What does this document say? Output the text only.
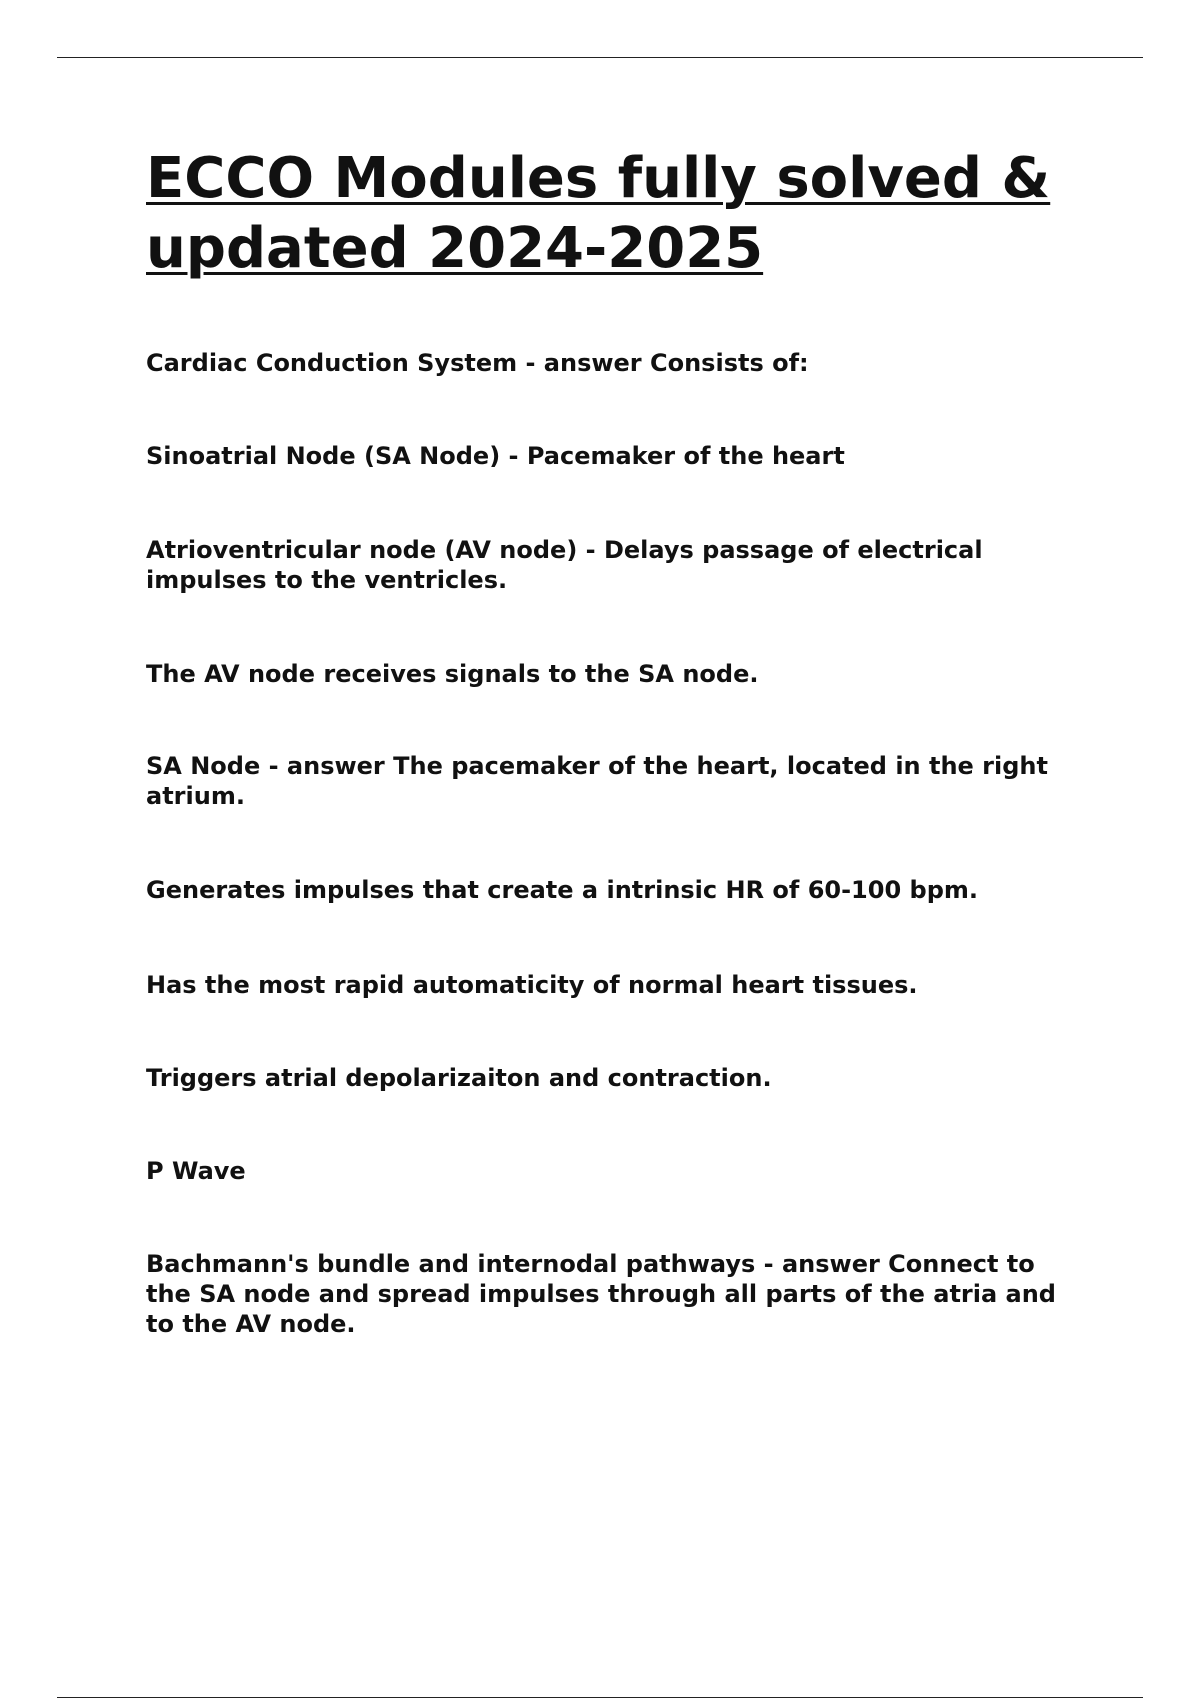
ECCO Modules fully solved & updated 2024-2025
Cardiac Conduction System - answer Consists of:
Sinoatrial Node (SA Node) - Pacemaker of the heart
Atrioventricular node (AV node) - Delays passage of electrical impulses to the ventricles.
The AV node receives signals to the SA node.
SA Node - answer The pacemaker of the heart, located in the right atrium.
Generates impulses that create a intrinsic HR of 60-100 bpm.
Has the most rapid automaticity of normal heart tissues.
Triggers atrial depolarizaiton and contraction.
P Wave
Bachmann's bundle and internodal pathways - answer Connect to the SA node and spread impulses through all parts of the atria and to the AV node.
